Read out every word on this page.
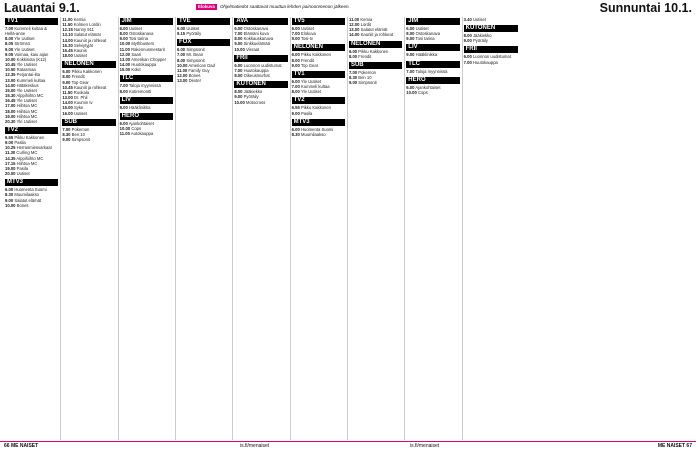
Lauantai 9.1.	Elokuva Ohjelmatiedot saattavat muuttua lehden painoonmenon jälkeen.	Sunnuntai 10.1.
TV1
7.00 Kummeli kultaa & Hellä-anne
8.00 Yle Uutiset
8.05 Strömsö
9.00 Yle Uutiset
9.05 Voimaa, kaiu aijan
10.00 Kokkisota (K12)
10.45 Yle Uutiset
10.50 Ratasmaa
12.35 Perjantai-ilta
13.00 Kummeli kultaa
14.00 Hätäkeskus
15.00 Yle Uutiset
15.30 Alppihiihto MC
16.45 Yle Uutiset
17.00 Hiihtoa MC
18.00 Hiihtoa MC
19.00 Hiihtoa MC
20.30 Yle Uutiset
TV2
6.55 Pikku Kakkonen
9.00 Pasila
10.25 Herrasmiesvarkaat
11.30 Curling MC
14.35 Alppihiihto MC
17.15 Hiihtoa MC
19.00 Pasila
20.00 Uutiset
MTV3
6.00 Huomenta Suomi
8.30 Muumilaakso
9.00 Salatut elämät
10.00 Bones
11.00 Kemia
11.50 Kolmen Lordin
12.15 Nanny 911
13.10 Salatut elämät
14.00 Kauniit ja rohkeat
15.30 Selviytyjät
16.45 Kaunis
18.00 Uutiset
NELONEN
6.00 Pikku Kakkonen
8.00 Frendit
9.00 Top Gear
10.45 Kauniit ja rohkeat
11.50 Ruokala
13.00 Dr. Phil
14.00 Kuumin tv
15.00 Syke
16.00 Uutiset
SUB
7.00 Pokemon
8.30 Ben 10
9.00 Simpsonit
JIM
6.00 Uutiset
8.00 Ostoskanava
9.00 Tosi tarina
10.00 Mythbusters
11.00 Rakennusmestarit
12.00 Saari
13.00 Amerikan Chopper
14.00 Huutokauppa
15.00 Kokit
TLC
7.00 Taloja myynnissä
8.00 Kotiremontti
LIV
9.00 Hääklinikka
HERO
6.00 Ajankohtaiset
10.00 Cops
11.00 Autokauppa
TVE
6.00 Uutiset
9.15 Pyöräily
FOX
6.00 Simpsonit
7.00 Mr. Bean
8.00 Simpsonit
10.00 American Dad
11.00 Family Guy
12.00 Bones
13.00 Dexter
AVA
6.00 Ostoskanava
7.00 Elämäni kuva
8.00 Kokkauskanava
9.00 Sinkkuelämää
10.00 Vieraat
FRII
6.00 Luonnon uudistumat
7.00 Huutokauppa
8.00 Oikeusmurhat
KUTONEN
8.00 Jääkiekko
9.00 Pyöräily
10.00 Motocross
TV5
6.00 Uutiset
7.00 Elokuva
9.00 Tosi-tv
NELONEN
6.00 Pikku Kakkonen
8.00 Frendit
9.00 Top Gear
TV1
6.00 Yle Uutiset
7.00 Kummeli kultaa
8.00 Yle Uutiset
TV2
6.55 Pikku Kakkonen
9.00 Pasila
MTV3
6.00 Huomenta Suomi
8.30 Muumilaakso
11.00 Kemia
12.00 Lordit
13.00 Salatut elämät
14.00 Kauniit ja rohkeat
NELONEN
6.00 Pikku Kakkonen
8.00 Frendit
SUB
7.00 Pokemon
8.30 Ben 10
9.00 Simpsonit
JIM
6.00 Uutiset
8.00 Ostoskanava
9.00 Tosi tarina
LIV
9.00 Hääklinikka
TLC
7.00 Taloja myynnissä
HERO
6.00 Ajankohtaiset
10.00 Cops
3.40 Uutiset
KUTONEN
8.00 Jääkiekko
9.00 Pyöräily
FRII
6.00 Luonnon uudistumat
7.00 Huutokauppa
66 ME NAISET	is.fi/menaiset	is.fi/menaiset	ME NAISET 67
